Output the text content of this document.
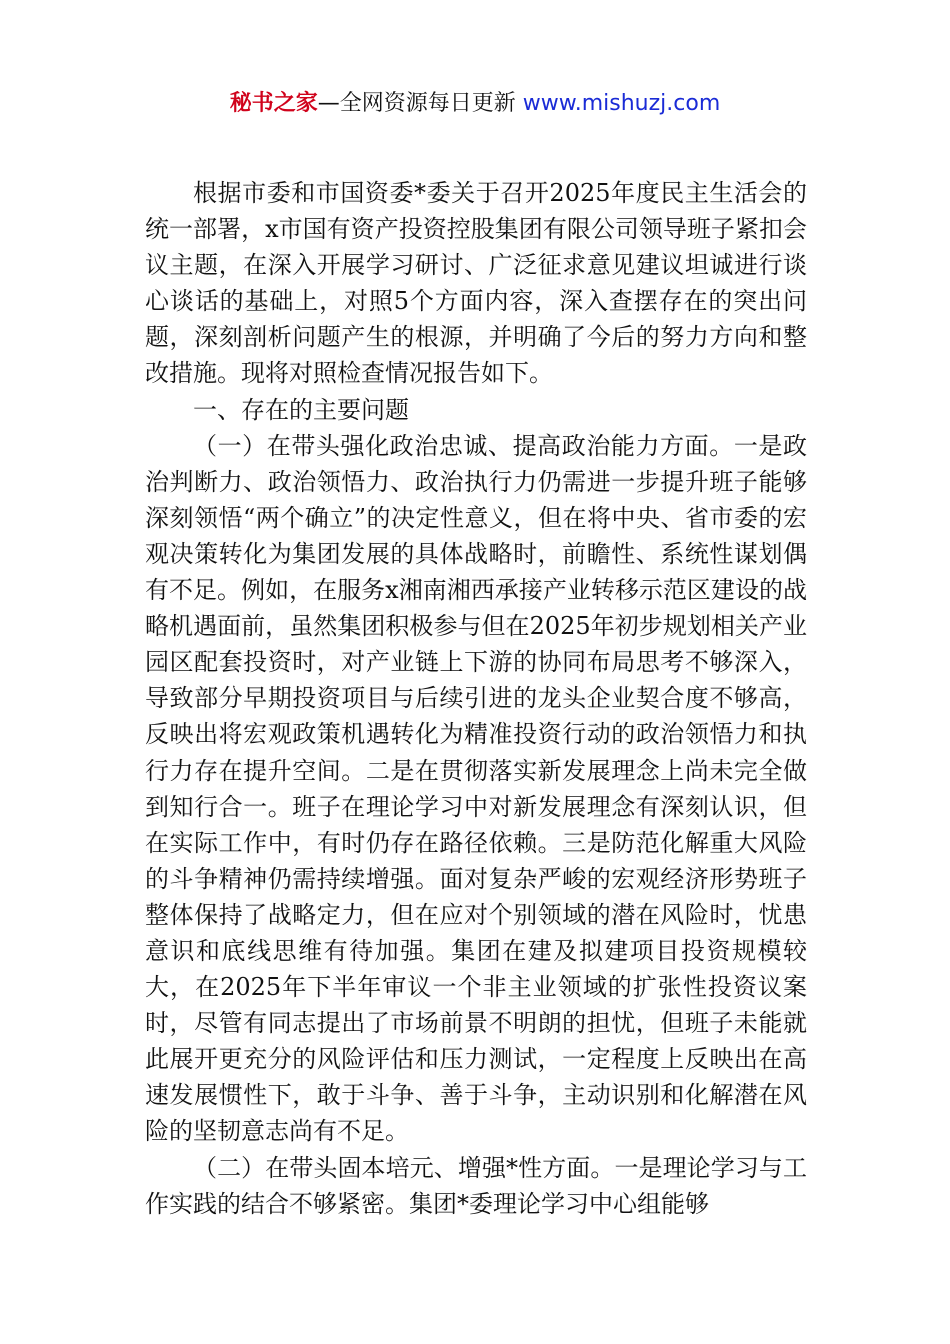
秘书之家—全网资源每日更新 www.mishuzj.com

根据市委和市国资委*委关于召开2025年度民主生活会的统一部署，x市国有资产投资控股集团有限公司领导班子紧扣会议主题，在深入开展学习研讨、广泛征求意见建议坦诚进行谈心谈话的基础上，对照5个方面内容，深入查摆存在的突出问题，深刻剖析问题产生的根源，并明确了今后的努力方向和整改措施。现将对照检查情况报告如下。

一、存在的主要问题

（一）在带头强化政治忠诚、提高政治能力方面。一是政治判断力、政治领悟力、政治执行力仍需进一步提升班子能够深刻领悟“两个确立”的决定性意义，但在将中央、省市委的宏观决策转化为集团发展的具体战略时，前瞻性、系统性谋划偶有不足。例如，在服务x湘南湘西承接产业转移示范区建设的战略机遇面前，虽然集团积极参与但在2025年初步规划相关产业园区配套投资时，对产业链上下游的协同布局思考不够深入，导致部分早期投资项目与后续引进的龙头企业契合度不够高，反映出将宏观政策机遇转化为精准投资行动的政治领悟力和执行力存在提升空间。二是在贯彻落实新发展理念上尚未完全做到知行合一。班子在理论学习中对新发展理念有深刻认识，但在实际工作中，有时仍存在路径依赖。三是防范化解重大风险的斗争精神仍需持续增强。面对复杂严峻的宏观经济形势班子整体保持了战略定力，但在应对个别领域的潜在风险时，忧患意识和底线思维有待加强。集团在建及拟建项目投资规模较大，在2025年下半年审议一个非主业领域的扩张性投资议案时，尽管有同志提出了市场前景不明朗的担忧，但班子未能就此展开更充分的风险评估和压力测试，一定程度上反映出在高速发展惯性下，敢于斗争、善于斗争，主动识别和化解潜在风险的坚韧意志尚有不足。

（二）在带头固本培元、增强*性方面。一是理论学习与工作实践的结合不够紧密。集团*委理论学习中心组能够
